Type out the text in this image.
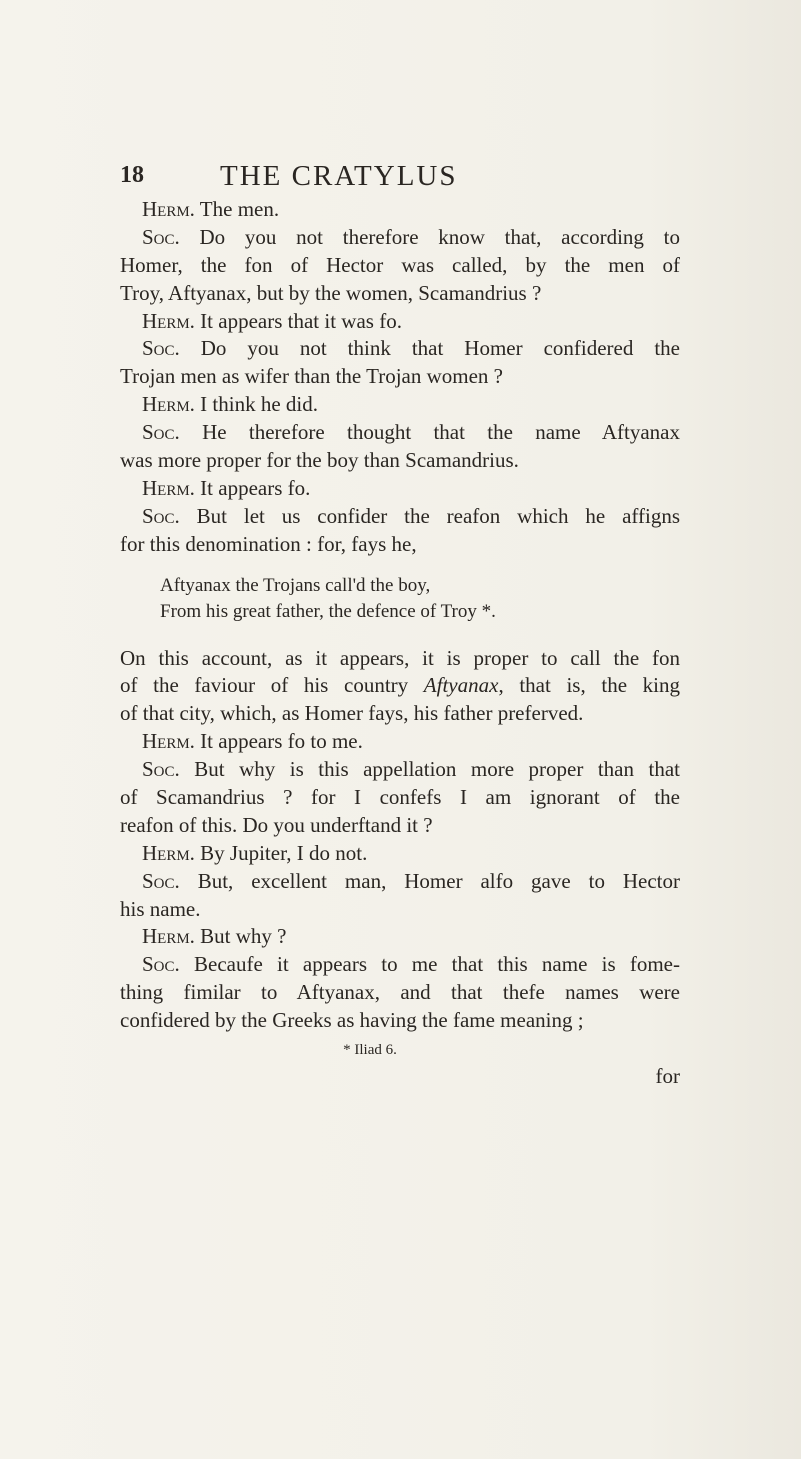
18	THE CRATYLUS
Herm. The men.
Soc. Do you not therefore know that, according to
Homer, the fon of Hector was called, by the men of
Troy, Aftyanax, but by the women, Scamandrius ?
Herm. It appears that it was fo.
Soc. Do you not think that Homer confidered the
Trojan men as wifer than the Trojan women ?
Herm. I think he did.
Soc. He therefore thought that the name Aftyanax
was more proper for the boy than Scamandrius.
Herm. It appears fo.
Soc. But let us confider the reafon which he affigns
for this denomination : for, fays he,
Aftyanax the Trojans call'd the boy,
From his great father, the defence of Troy *.
On this account, as it appears, it is proper to call the fon
of the faviour of his country Aftyanax, that is, the king
of that city, which, as Homer fays, his father preferved.
Herm. It appears fo to me.
Soc. But why is this appellation more proper than that
of Scamandrius ? for I confefs I am ignorant of the
reafon of this. Do you underftand it ?
Herm. By Jupiter, I do not.
Soc. But, excellent man, Homer alfo gave to Hector
his name.
Herm. But why ?
Soc. Becaufe it appears to me that this name is fome-
thing fimilar to Aftyanax, and that thefe names were
confidered by the Greeks as having the fame meaning ;
* Iliad 6.
for
